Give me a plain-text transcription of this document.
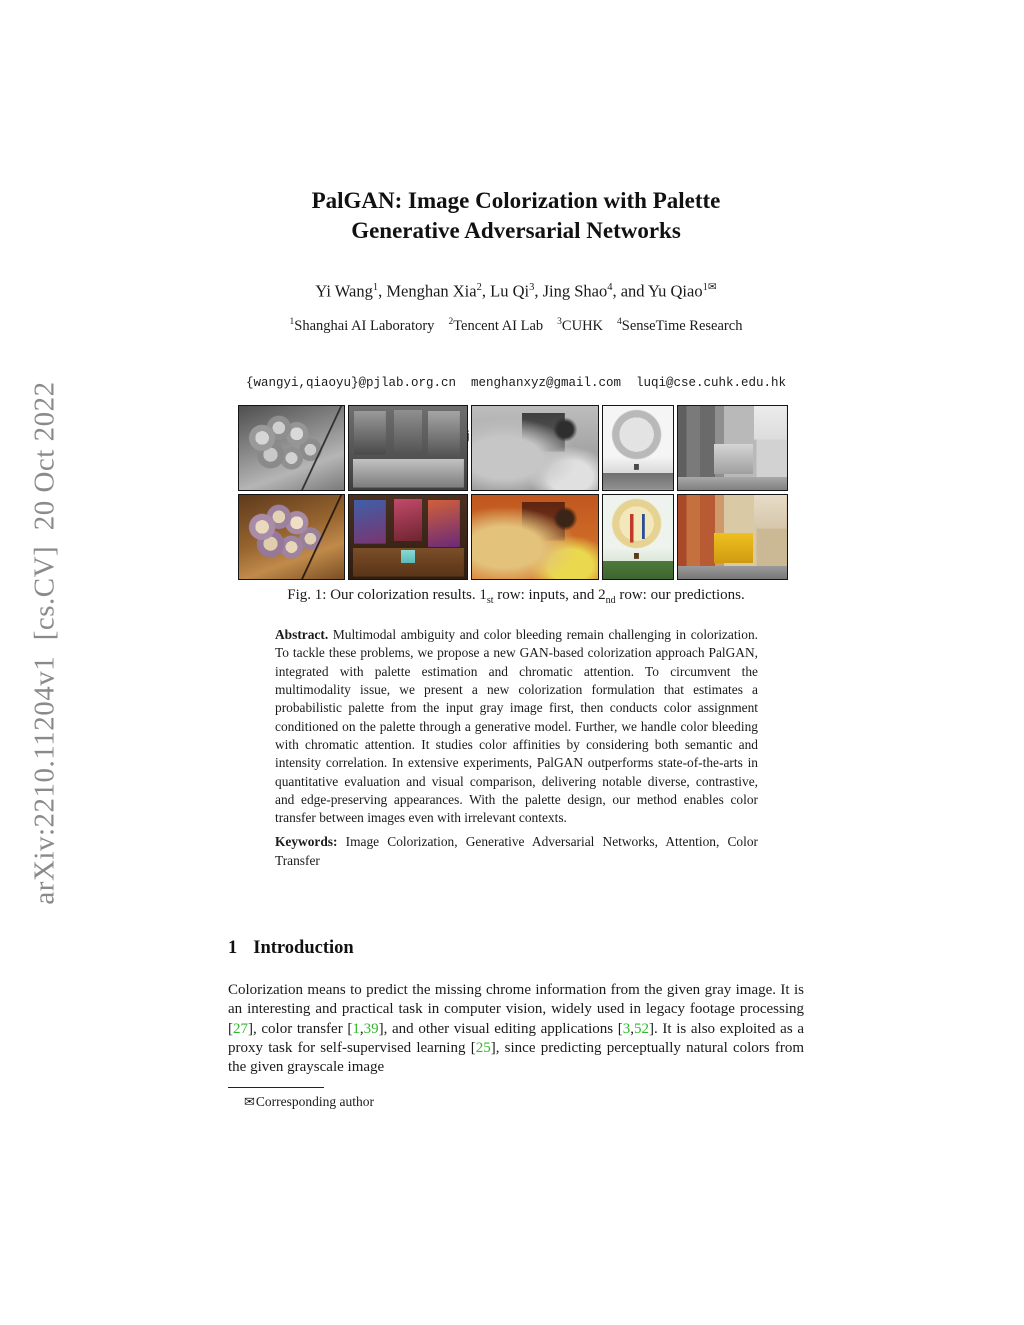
arXiv:2210.11204v1  [cs.CV]  20 Oct 2022
PalGAN: Image Colorization with Palette Generative Adversarial Networks
Yi Wang$^1$, Menghan Xia$^2$, Lu Qi$^3$, Jing Shao$^4$, and Yu Qiao$^{1✉}$
$^1$Shanghai AI Laboratory $^2$Tencent AI Lab $^3$CUHK $^4$SenseTime Research

{wangyi,qiaoyu}@pjlab.org.cn  menghanxyz@gmail.com  luqi@cse.cuhk.edu.hk

Fig. 1: Our colorization results. $1_{st}$ row: inputs, and $2_{nd}$ row: our predictions.
Abstract. Multimodal ambiguity and color bleeding remain challenging in colorization. To tackle these problems, we propose a new GAN-based colorization approach PalGAN, integrated with palette estimation and chromatic attention. To circumvent the multimodality issue, we present a new colorization formulation that estimates a probabilistic palette from the input gray image first, then conducts color assignment conditioned on the palette through a generative model. Further, we handle color bleeding with chromatic attention. It studies color affinities by considering both semantic and intensity correlation. In extensive experiments, PalGAN outperforms state-of-the-arts in quantitative evaluation and visual comparison, delivering notable diverse, contrastive, and edge-preserving appearances. With the palette design, our method enables color transfer between images even with irrelevant contexts.
Keywords: Image Colorization, Generative Adversarial Networks, Attention, Color Transfer
1 Introduction
Colorization means to predict the missing chrome information from the given gray image. It is an interesting and practical task in computer vision, widely used in legacy footage processing [27], color transfer [1,39], and other visual editing applications [3,52]. It is also exploited as a proxy task for self-supervised learning [25], since predicting perceptually natural colors from the given grayscale image
✉Corresponding author
